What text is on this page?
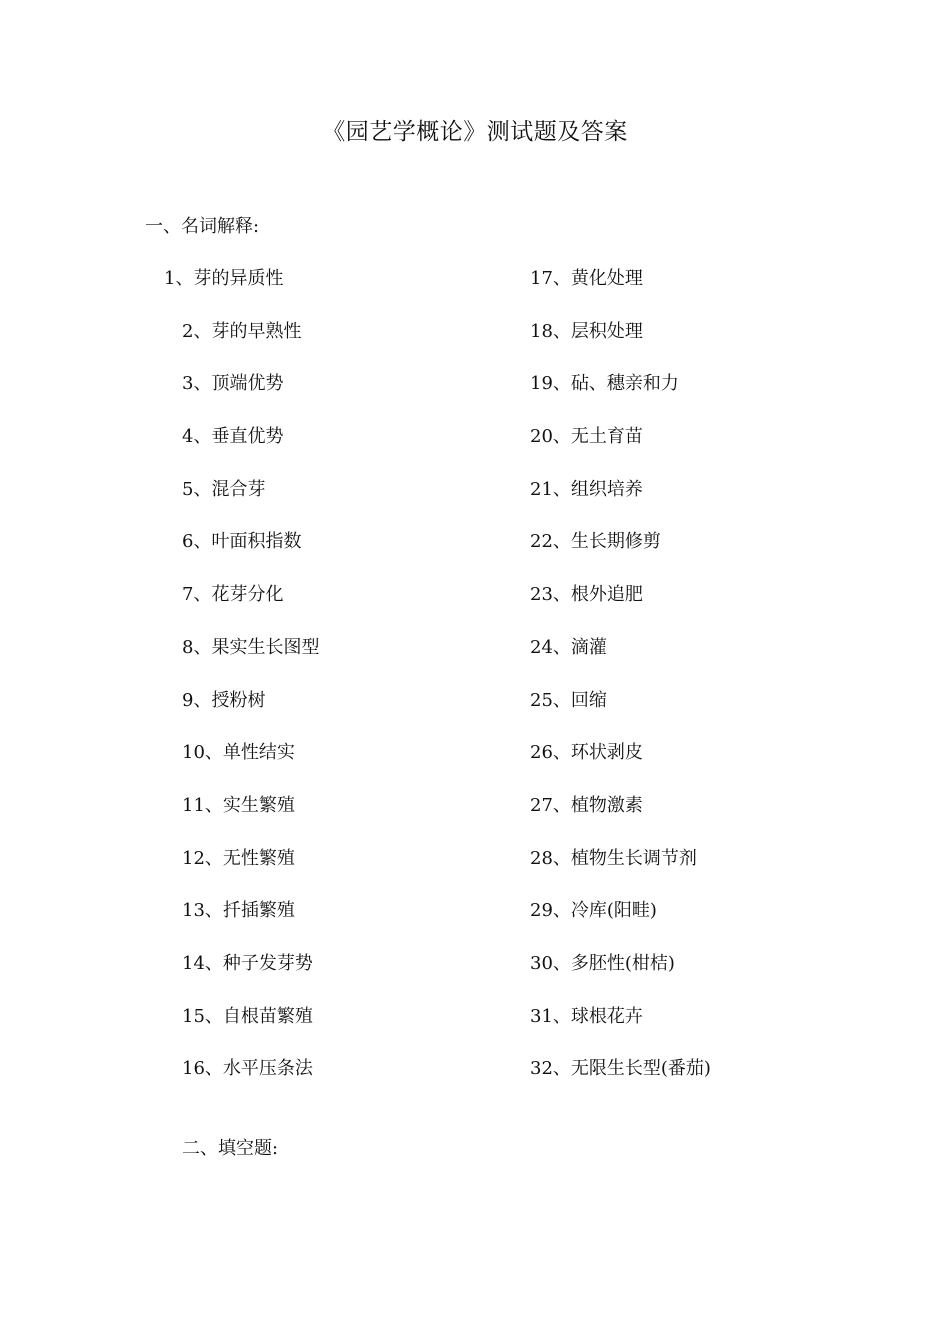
《园艺学概论》测试题及答案
一、名词解释:
1、芽的异质性
2、芽的早熟性
3、顶端优势
4、垂直优势
5、混合芽
6、叶面积指数
7、花芽分化
8、果实生长图型
9、授粉树
10、单性结实
11、实生繁殖
12、无性繁殖
13、扦插繁殖
14、种子发芽势
15、自根苗繁殖
16、水平压条法
17、黄化处理
18、层积处理
19、砧、穗亲和力
20、无土育苗
21、组织培养
22、生长期修剪
23、根外追肥
24、滴灌
25、回缩
26、环状剥皮
27、植物激素
28、植物生长调节剂
29、冷库(阳畦)
30、多胚性(柑桔)
31、球根花卉
32、无限生长型(番茄)
二、填空题:
